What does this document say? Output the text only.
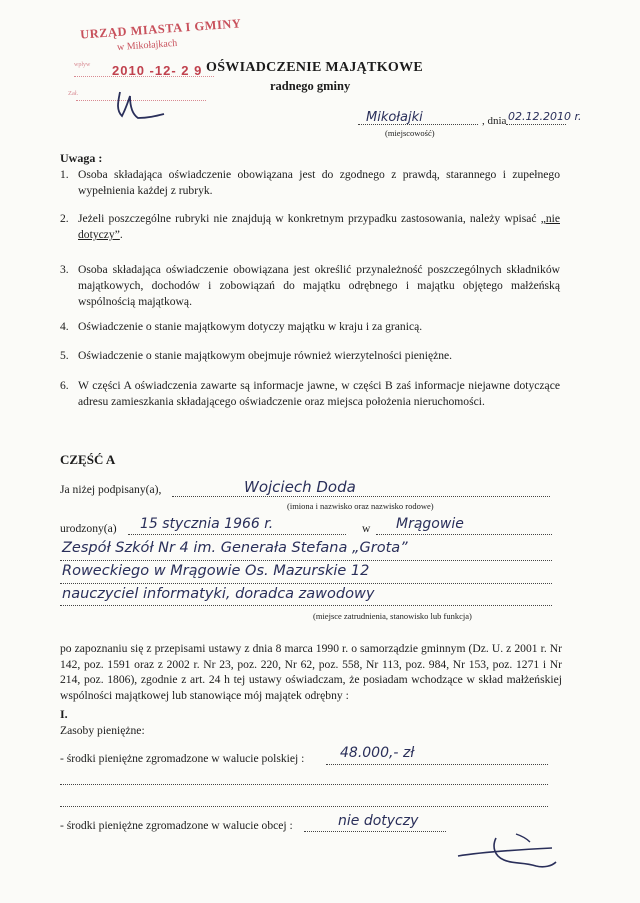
URZĄD MIASTA I GMINY
w Mikołajkach
wpływ 2010 -12- 2 9
Zał.
OŚWIADCZENIE MAJĄTKOWE
radnego gminy
Mikołajki	, dnia 02.12.2010 r.
(miejscowość)
Uwaga :
1. Osoba składająca oświadczenie obowiązana jest do zgodnego z prawdą, starannego i zupełnego wypełnienia każdej z rubryk.
2. Jeżeli poszczególne rubryki nie znajdują w konkretnym przypadku zastosowania, należy wpisać „nie dotyczy”.
3. Osoba składająca oświadczenie obowiązana jest określić przynależność poszczególnych składników majątkowych, dochodów i zobowiązań do majątku odrębnego i majątku objętego małżeńską wspólnością majątkową.
4. Oświadczenie o stanie majątkowym dotyczy majątku w kraju i za granicą.
5. Oświadczenie o stanie majątkowym obejmuje również wierzytelności pieniężne.
6. W części A oświadczenia zawarte są informacje jawne, w części B zaś informacje niejawne dotyczące adresu zamieszkania składającego oświadczenie oraz miejsca położenia nieruchomości.
CZĘŚĆ A
Ja niżej podpisany(a),	Wojciech Doda
(imiona i nazwisko oraz nazwisko rodowe)
urodzony(a) 15 stycznia 1966 r.	w Mrągowie
Zespół Szkół Nr 4 im. Generała Stefana „Grota”
Roweckiego w Mrągowie Os. Mazurskie 12
nauczyciel informatyki, doradca zawodowy
(miejsce zatrudnienia, stanowisko lub funkcja)
po zapoznaniu się z przepisami ustawy z dnia 8 marca 1990 r. o samorządzie gminnym (Dz. U. z 2001 r. Nr 142, poz. 1591 oraz z 2002 r. Nr 23, poz. 220, Nr 62, poz. 558, Nr 113, poz. 984, Nr 153, poz. 1271 i Nr 214, poz. 1806), zgodnie z art. 24 h tej ustawy oświadczam, że posiadam wchodzące w skład małżeńskiej wspólności majątkowej lub stanowiące mój majątek odrębny :
I.
Zasoby pieniężne:
- środki pieniężne zgromadzone w walucie polskiej :	48.000,- zł
- środki pieniężne zgromadzone w walucie obcej :	nie dotyczy
